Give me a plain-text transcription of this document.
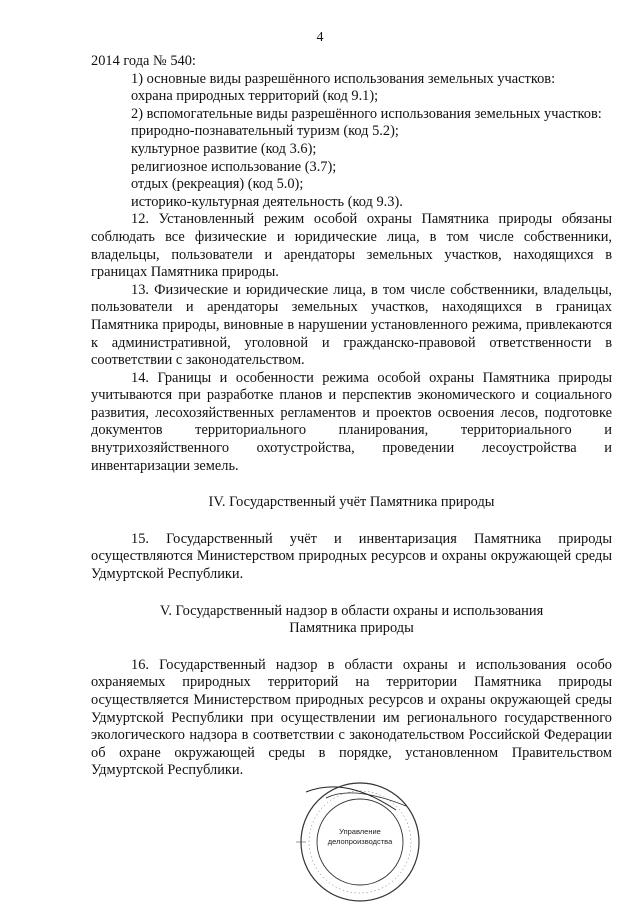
4

2014 года № 540:

1) основные виды разрешённого использования земельных участков:

охрана природных территорий (код 9.1);

2) вспомогательные виды разрешённого использования земельных участков:

природно-познавательный туризм (код 5.2);

культурное развитие (код 3.6);

религиозное использование (3.7);

отдых (рекреация) (код 5.0);

историко-культурная деятельность (код 9.3).

12. Установленный режим особой охраны Памятника природы обязаны соблюдать все физические и юридические лица, в том числе собственники, владельцы, пользователи и арендаторы земельных участков, находящихся в границах Памятника природы.

13. Физические и юридические лица, в том числе собственники, владельцы, пользователи и арендаторы земельных участков, находящихся в границах Памятника природы, виновные в нарушении установленного режима, привлекаются к административной, уголовной и гражданско-правовой ответственности в соответствии с законодательством.

14. Границы и особенности режима особой охраны Памятника природы учитываются при разработке планов и перспектив экономического и социального развития, лесохозяйственных регламентов и проектов освоения лесов, подготовке документов территориального планирования, территориального и внутрихозяйственного охотустройства, проведении лесоустройства и инвентаризации земель.

IV. Государственный учёт Памятника природы

15. Государственный учёт и инвентаризация Памятника природы осуществляются Министерством природных ресурсов и охраны окружающей среды Удмуртской Республики.

V. Государственный надзор в области охраны и использования

Памятника природы

16. Государственный надзор в области охраны и использования особо охраняемых природных территорий на территории Памятника природы осуществляется Министерством природных ресурсов и охраны окружающей среды Удмуртской Республики при осуществлении им регионального государственного экологического надзора в соответствии с законодательством Российской Федерации об охране окружающей среды в порядке, установленном Правительством Удмуртской Республики.

Управление
делопроизводства
